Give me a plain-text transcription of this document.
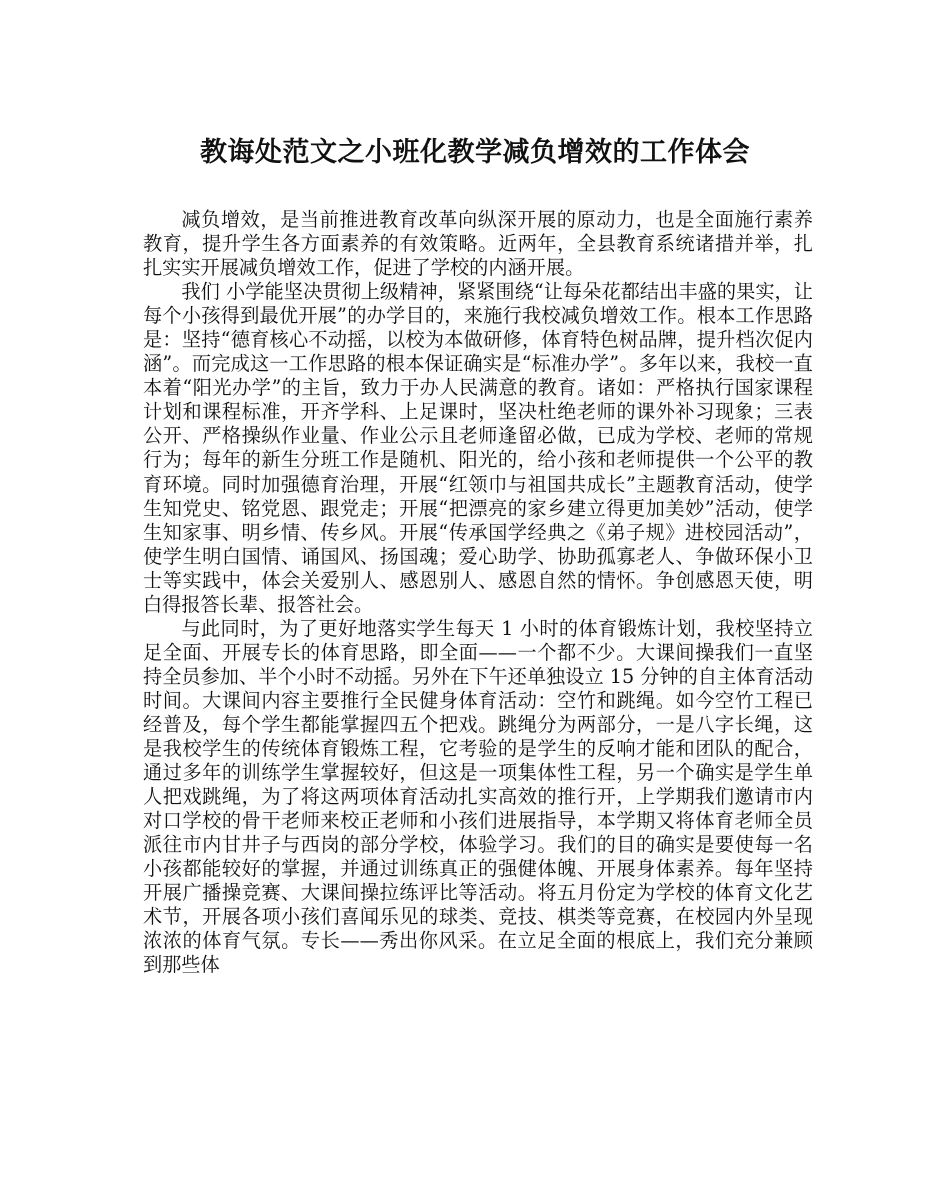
教诲处范文之小班化教学减负增效的工作体会

减负增效，是当前推进教育改革向纵深开展的原动力，也是全面施行素养教育，提升学生各方面素养的有效策略。近两年，全县教育系统诸措并举，扎扎实实开展减负增效工作，促进了学校的内涵开展。

我们 小学能坚决贯彻上级精神，紧紧围绕“让每朵花都结出丰盛的果实，让每个小孩得到最优开展”的办学目的，来施行我校减负增效工作。根本工作思路是：坚持“德育核心不动摇，以校为本做研修，体育特色树品牌，提升档次促内涵”。而完成这一工作思路的根本保证确实是“标准办学”。多年以来，我校一直本着“阳光办学”的主旨，致力于办人民满意的教育。诸如：严格执行国家课程计划和课程标准，开齐学科、上足课时，坚决杜绝老师的课外补习现象；三表公开、严格操纵作业量、作业公示且老师逢留必做，已成为学校、老师的常规行为；每年的新生分班工作是随机、阳光的，给小孩和老师提供一个公平的教育环境。同时加强德育治理，开展“红领巾与祖国共成长”主题教育活动，使学生知党史、铭党恩、跟党走；开展“把漂亮的家乡建立得更加美妙”活动，使学生知家事、明乡情、传乡风。开展“传承国学经典之《弟子规》进校园活动”，使学生明白国情、诵国风、扬国魂；爱心助学、协助孤寡老人、争做环保小卫士等实践中，体会关爱别人、感恩别人、感恩自然的情怀。争创感恩天使，明白得报答长辈、报答社会。

与此同时，为了更好地落实学生每天 1 小时的体育锻炼计划，我校坚持立足全面、开展专长的体育思路，即全面——一个都不少。大课间操我们一直坚持全员参加、半个小时不动摇。另外在下午还单独设立 15 分钟的自主体育活动时间。大课间内容主要推行全民健身体育活动：空竹和跳绳。如今空竹工程已经普及，每个学生都能掌握四五个把戏。跳绳分为两部分，一是八字长绳，这是我校学生的传统体育锻炼工程，它考验的是学生的反响才能和团队的配合，通过多年的训练学生掌握较好，但这是一项集体性工程，另一个确实是学生单人把戏跳绳，为了将这两项体育活动扎实高效的推行开，上学期我们邀请市内对口学校的骨干老师来校正老师和小孩们进展指导，本学期又将体育老师全员派往市内甘井子与西岗的部分学校，体验学习。我们的目的确实是要使每一名小孩都能较好的掌握，并通过训练真正的强健体魄、开展身体素养。每年坚持开展广播操竞赛、大课间操拉练评比等活动。将五月份定为学校的体育文化艺术节，开展各项小孩们喜闻乐见的球类、竞技、棋类等竞赛，在校园内外呈现浓浓的体育气氛。专长——秀出你风采。在立足全面的根底上，我们充分兼顾到那些体
